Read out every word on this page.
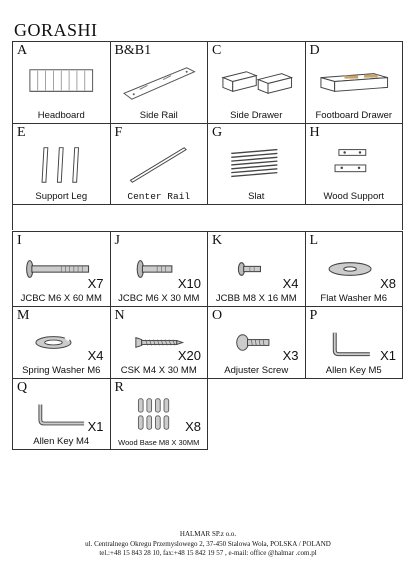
GORASHI
A
Headboard
B&B1
Side Rail
C
Side Drawer
D
Footboard Drawer
E
Support Leg
F
Center Rail
G
Slat
H
Wood Support
I
X7
JCBC M6 X 60 MM
J
X10
JCBC M6 X 30 MM
K
X4
JCBB M8 X 16 MM
L
X8
Flat Washer M6
M
X4
Spring Washer M6
N
X20
CSK M4 X 30 MM
O
X3
Adjuster Screw
P
X1
Allen Key M5
Q
X1
Allen Key M4
R
X8
Wood Base M8 X 30MM
HALMAR SP.z o.o.
ul. Centralnego Okregu Przemyslowego 2, 37-450 Stalowa Wola, POLSKA / POLAND
tel.:+48 15 843 28 10, fax:+48 15 842 19 57 , e-mail: office @halmar .com.pl
